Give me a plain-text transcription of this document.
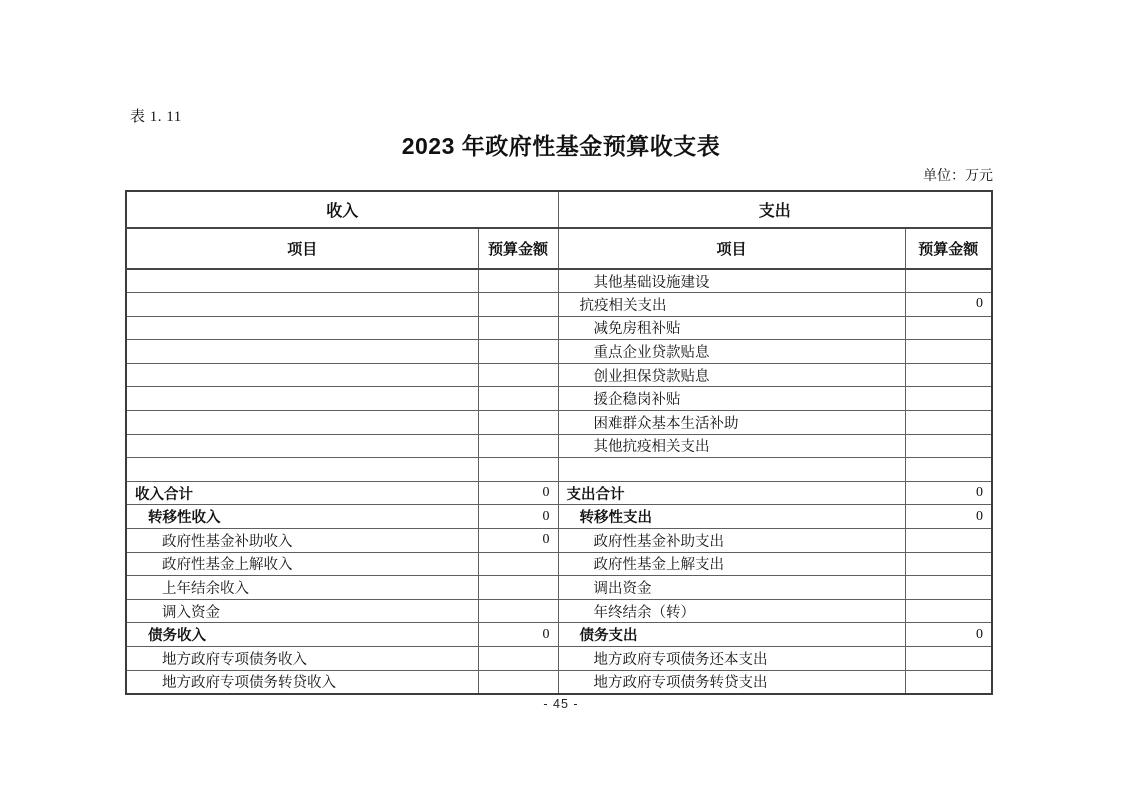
表 1. 11
2023 年政府性基金预算收支表
单位：万元
收入		支出	
项目	预算金额	项目	预算金额
		其他基础设施建设	
		抗疫相关支出	0
		减免房租补贴	
		重点企业贷款贴息	
		创业担保贷款贴息	
		援企稳岗补贴	
		困难群众基本生活补助	
		其他抗疫相关支出	

收入合计	0	支出合计	0
转移性收入	0	转移性支出	0
政府性基金补助收入	0	政府性基金补助支出	
政府性基金上解收入		政府性基金上解支出	
上年结余收入		调出资金	
调入资金		年终结余（转）	
债务收入	0	债务支出	0
地方政府专项债务收入		地方政府专项债务还本支出	
地方政府专项债务转贷收入		地方政府专项债务转贷支出	
- 45 -
